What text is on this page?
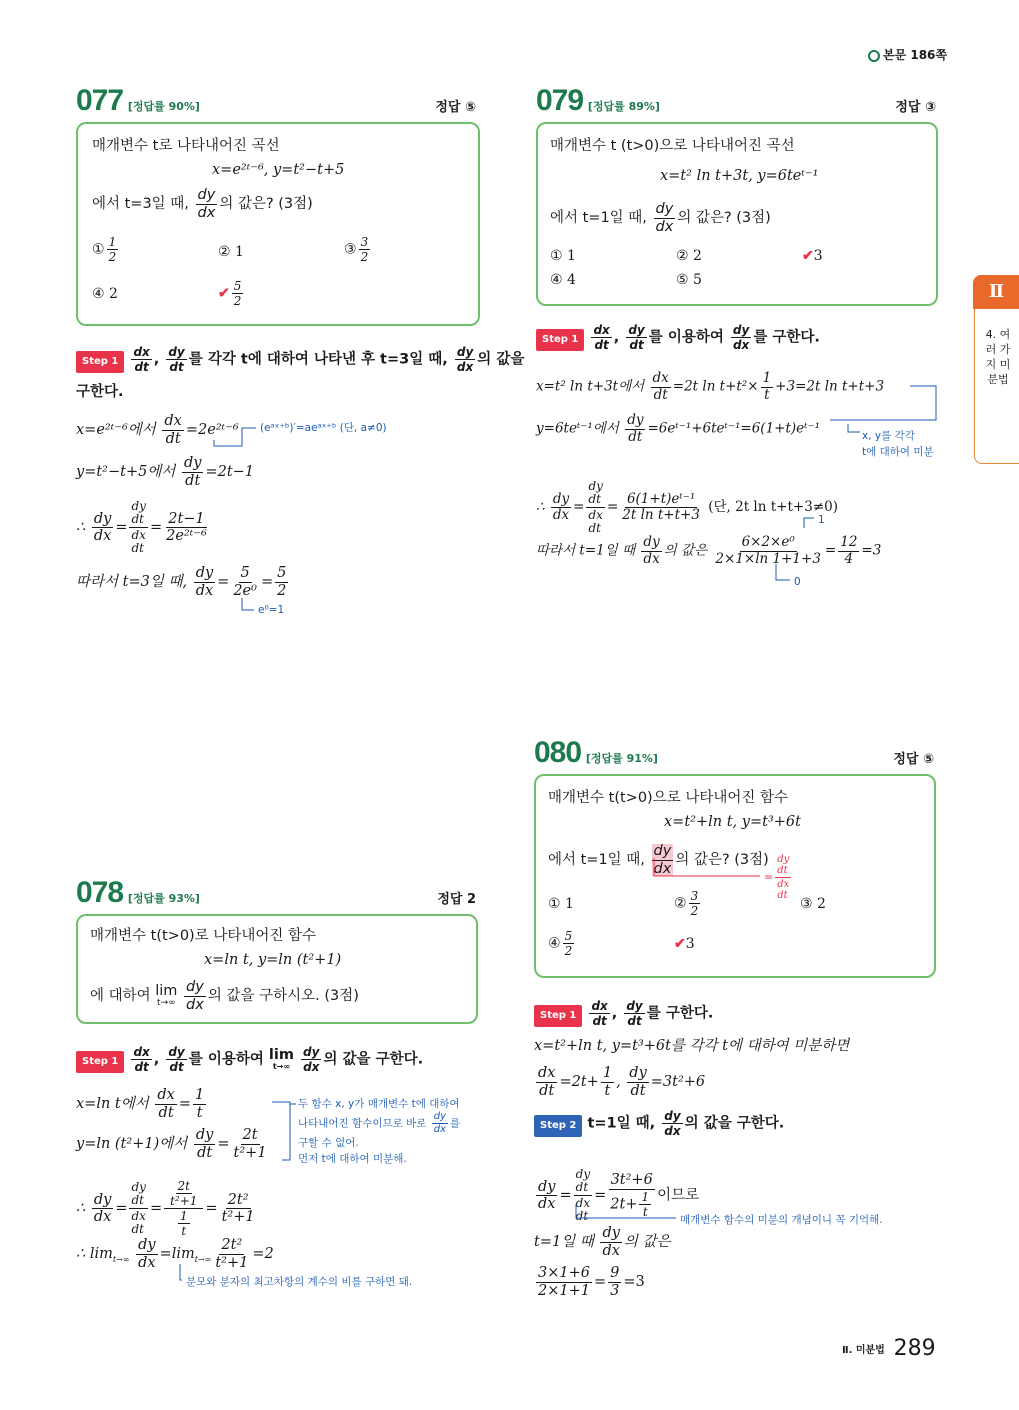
본문 186쪽
Ⅱ
4. 여러 가지 미분법
077 [정답률 90%]	정답 ⑤
매개변수 t로 나타내어진 곡선
x=e²ᵗ⁻⁶, y=t²−t+5
에서 t=3일 때, $\frac{dy}{dx}$ 의 값은? (3점)
① $\frac{1}{2}$	② 1	③ $\frac{3}{2}$
④ 2	✔ $\frac{5}{2}$
Step $1 \frac{dx}{dt}$ , $\frac{dy}{dt}$ 를 각각 t에 대하여 나타낸 후 t=3일 때, $\frac{dy}{dx}$ 의 값을
구한다.
x=e²ᵗ⁻⁶에서 $\frac{dx}{dt}$ =2e²ᵗ⁻⁶ (eᵃˣ⁺ᵇ)′=aeᵃˣ⁺ᵇ (단, a≠0)
y=t²−t+5에서 $\frac{dy}{dt} =2t-1$
∴ $\frac{dy}{dx}$ =
dy
dt
dx
dt
= $\frac{2t-1}{\text{2e²ᵗ⁻⁶}}$
따라서 t=3일 때, $\frac{dy}{dx} = \frac{5}{\text{2e⁰}} = \frac{5}{2}$
e⁰=1
078 [정답률 93%]	정답 2
매개변수 t(t>0)로 나타내어진 함수
x=ln t, y=ln (t²+1)
에 대하여 lim
t→∞
$\frac{dy}{dx}$ 의 값을 구하시오. (3점)
Step $1 \frac{dx}{dt}$ , $\frac{dy}{dt}$ 를 이용하여 lim
t→∞
$\frac{dy}{dx}$ 의 값을 구한다.
x=ln t에서 $\frac{dx}{dt} = \frac{1}{t}$
y=ln (t²+1)에서 $\frac{dy}{dt} = \frac{2t}{\text{t²+1}}$
∴ $\frac{dy}{dx}$ =
dy
dt
dx
dt
= $\frac{\frac{2t}{\text{t²+1}}}{\frac{1}{t}} = \frac{\text{2t²}}{\text{t²+1}}$
∴ $\lim_{t\to\infty} \frac{dy}{dx} =\lim_{t\to\infty} \frac{\text{2t²}}{\text{t²+1}} =2$
두 함수 x, y가 매개변수 t에 대하여
나타내어진 함수이므로 바로 $\frac{dy}{dx}$ 를
구할 수 없어.
먼저 t에 대하여 미분해.
분모와 분자의 최고차항의 계수의 비를 구하면 돼.
079 [정답률 89%]	정답 ③
매개변수 t (t>0)으로 나타내어진 곡선
x=t² ln t+3t, y=6teᵗ⁻¹
에서 t=1일 때, $\frac{dy}{dx}$ 의 값은? (3점)
① 1	② 2	✔3
④ 4	⑤ 5
Step $1 \frac{dx}{dt}$ , $\frac{dy}{dt}$ 를 이용하여 $\frac{dy}{dx}$ 를 구한다.
x=t² ln t+3t에서 $\frac{dx}{dt} =2t$ $\ln t+t^2\times \frac{1}{t} +3=2t$ ln t+t+3
y=6teᵗ⁻¹에서 $\frac{dy}{dt}$ =6eᵗ⁻¹+6teᵗ⁻¹=6(1+t)eᵗ⁻¹	x, y를 각각
t에 대하여 미분
∴ $\frac{dy}{dx}$ =
dy
dt
dx
dt
= $\frac{\text{6(1+t)eᵗ⁻¹}}{\text{2t ln t+t+3}}$ (단, 2t ln t+t+3≠0)
따라서 t=1일 때 $\frac{dy}{dx}$ 의 값은 $\frac{\text{6×2×e⁰}}{2\times 1\times\ln 1+1+3} = \frac{12}{4} =3$
1
0
080 [정답률 91%]	정답 ⑤
매개변수 t(t>0)으로 나타내어진 함수
x=t²+ln t, y=t³+6t
에서 t=1일 때, $\frac{dy}{dx}$ 의 값은? (3점)
=
dy
dt
dx
dt
① 1	② $\frac{3}{2}$	③ 2
④ $\frac{5}{2}$	✔3
Step $1 \frac{dx}{dt}$ , $\frac{dy}{dt}$ 를 구한다.
x=t²+ln t, y=t³+6t를 각각 t에 대하여 미분하면
$\frac{dx}{dt} =2t+ \frac{1}{t}$ , $\frac{dy}{dt} =3t^2+6$
Step 2 t=1일 때, $\frac{dy}{dx}$ 의 값을 구한다.
$\frac{dy}{dx}$ =
dy
dt
dx
dt
= $\frac{\text{3t²+6}}{2t+ \frac{1}{t}}$ 이므로
매개변수 함수의 미분의 개념이니 꼭 기억해.
t=1일 때 $\frac{dy}{dx}$ 의 값은
$\frac{3\times 1+6}{2\times 1+1} = \frac{9}{3} =3$
Ⅱ. 미분법 289
